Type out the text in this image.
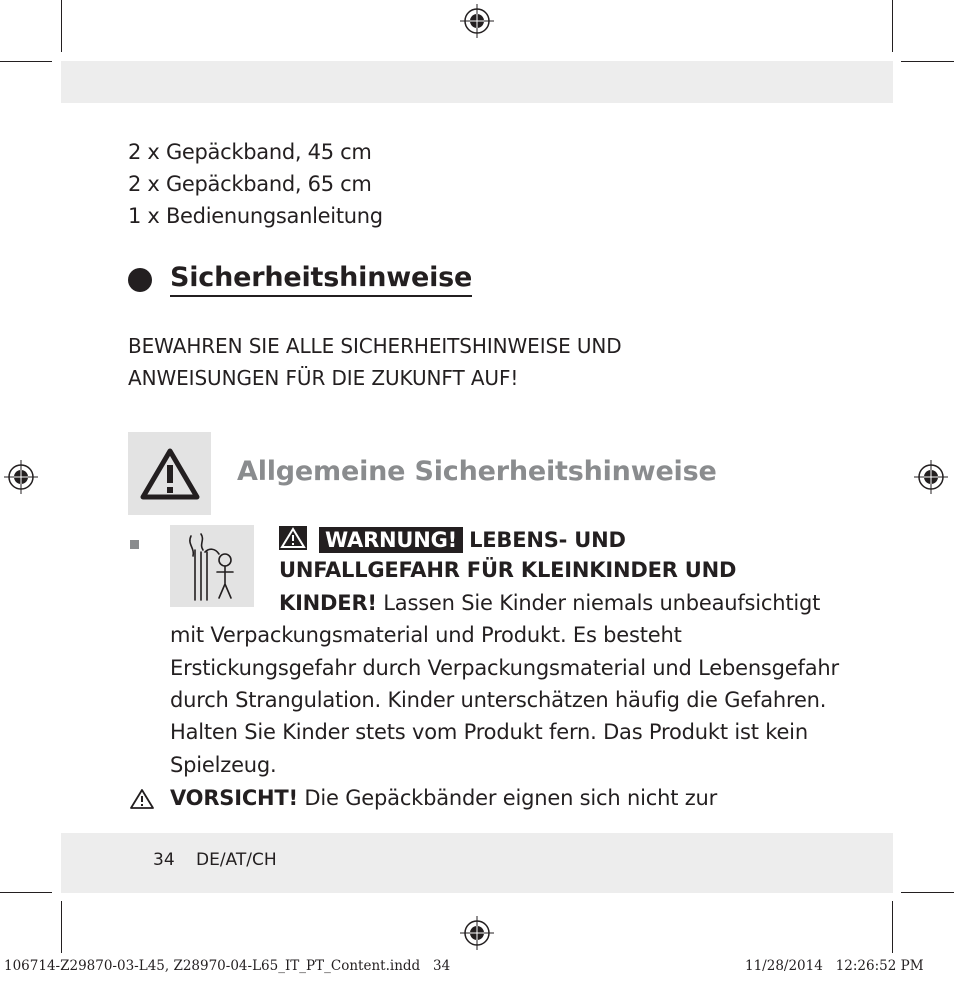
2 x Gepäckband, 45 cm
2 x Gepäckband, 65 cm
1 x Bedienungsanleitung
Sicherheitshinweise
BEWAHREN SIE ALLE SICHERHEITSHINWEISE UND
ANWEISUNGEN FÜR DIE ZUKUNFT AUF!
Allgemeine Sicherheitshinweise
WARNUNG! LEBENS- UND
UNFALLGEFAHR FÜR KLEINKINDER UND
KINDER! Lassen Sie Kinder niemals unbeaufsichtigt
mit Verpackungsmaterial und Produkt. Es besteht
Erstickungsgefahr durch Verpackungsmaterial und Lebensgefahr
durch Strangulation. Kinder unterschätzen häufig die Gefahren.
Halten Sie Kinder stets vom Produkt fern. Das Produkt ist kein
Spielzeug.
VORSICHT! Die Gepäckbänder eignen sich nicht zur
34 DE/AT/CH
106714-Z29870-03-L45, Z28970-04-L65_IT_PT_Content.indd   34	11/28/2014   12:26:52 PM
